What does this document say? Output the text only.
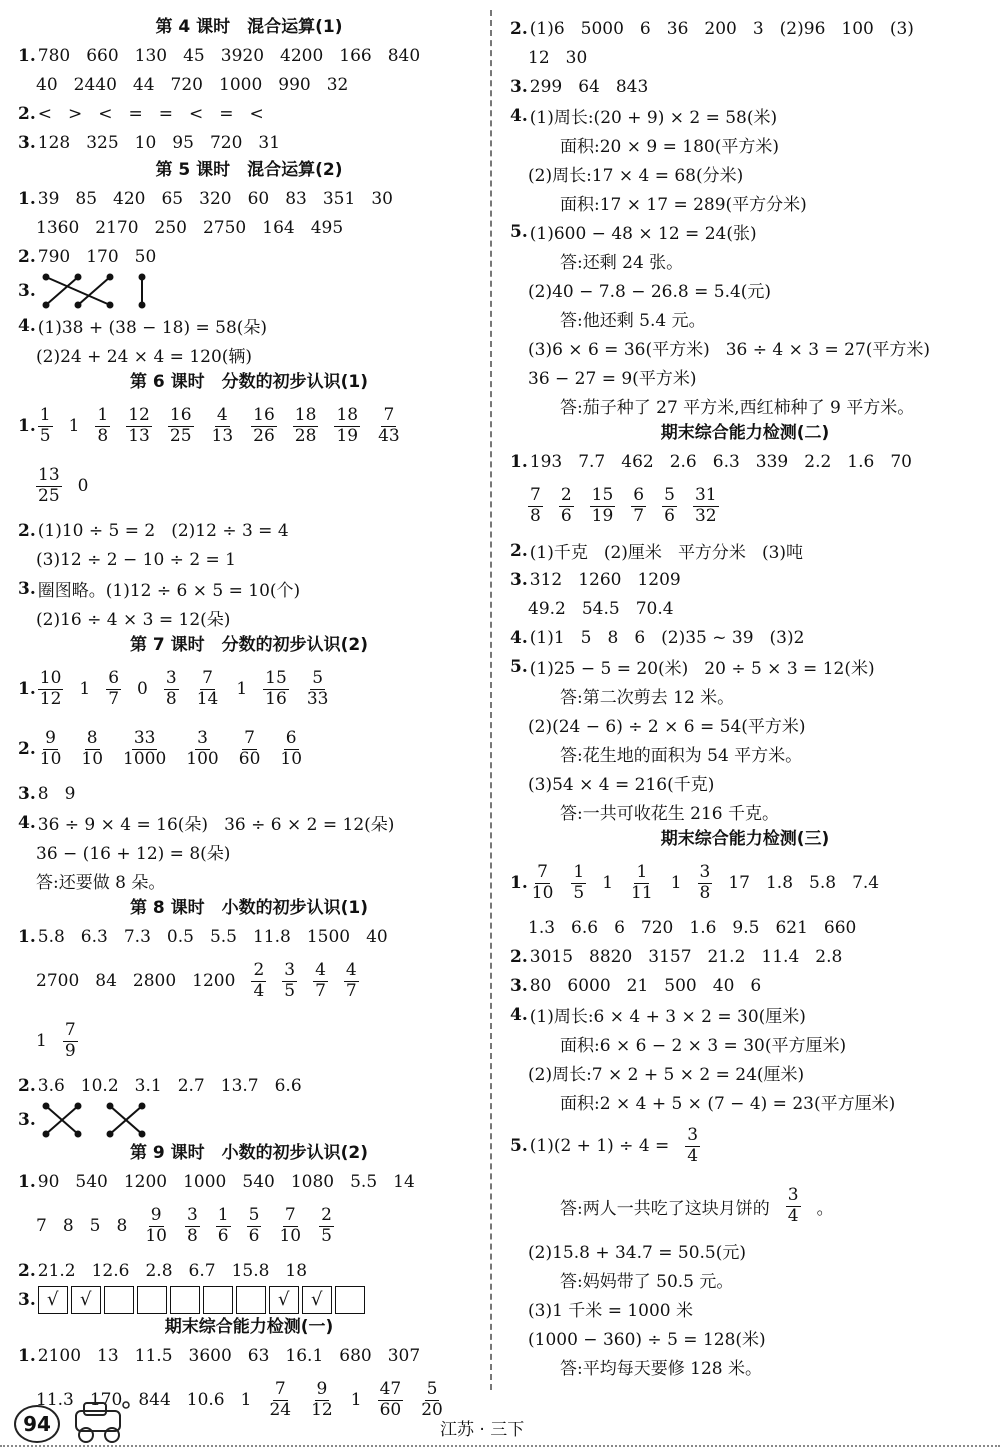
第 4 课时　混合运算(1)
1. 780 660 130 45 3920 4200 166 840
40 2440 44 720 1000 990 32
2. < > < = = < = <
3. 128 325 10 95 720 31
第 5 课时　混合运算(2)
1. 39 85 420 65 320 60 83 351 30
1360 2170 250 2750 164 495
2. 790 170 50
3.
4. (1)38 + (38 − 18) = 58(朵)
(2)24 + 24 × 4 = 120(辆)
第 6 课时　分数的初步认识(1)
1. $\frac{1}{5} 1 \frac{1}{8} \frac{12}{13} \frac{16}{25} \frac{4}{13} \frac{16}{26} \frac{18}{28} \frac{18}{19} \frac{7}{43}$
$\frac{13}{25} 0$
2. (1)10 ÷ 5 = 2 (2)12 ÷ 3 = 4
(3)12 ÷ 2 − 10 ÷ 2 = 1
3. 圈图略。(1)12 ÷ 6 × 5 = 10(个)
(2)16 ÷ 4 × 3 = 12(朵)
第 7 课时　分数的初步认识(2)
1. $\frac{10}{12} 1 \frac{6}{7} 0 \frac{3}{8} \frac{7}{14} 1 \frac{15}{16} \frac{5}{33}$
2. $\frac{9}{10} \frac{8}{10} \frac{33}{1000} \frac{3}{100} \frac{7}{60} \frac{6}{10}$
3. 8 9
4. 36 ÷ 9 × 4 = 16(朵) 36 ÷ 6 × 2 = 12(朵)
36 − (16 + 12) = 8(朵)
答:还要做 8 朵。
第 8 课时　小数的初步认识(1)
1. 5.8 6.3 7.3 0.5 5.5 11.8 1500 40
2700 84 2800 $1200 \frac{2}{4} \frac{3}{5} \frac{4}{7} \frac{4}{7}$
$1 \frac{7}{9}$
2. 3.6 10.2 3.1 2.7 13.7 6.6
3.
第 9 课时　小数的初步认识(2)
1. 90 540 1200 1000 540 1080 5.5 14
7 8 5 $8 \frac{9}{10} \frac{3}{8} \frac{1}{6} \frac{5}{6} \frac{7}{10} \frac{2}{5}$
2. 21.2 12.6 2.8 6.7 15.8 18
3. √	√	√	√
期末综合能力检测(一)
1. 2100 13 11.5 3600 63 16.1 680 307
11.3 170 844 10.6 $1 \frac{7}{24} \frac{9}{12} 1 \frac{47}{60} \frac{5}{20}$
2. (1)6 5000 6 36 200 3 (2)96 100 (3)
12 30
3. 299 64 843
4. (1)周长:(20 + 9) × 2 = 58(米)
面积:20 × 9 = 180(平方米)
(2)周长:17 × 4 = 68(分米)
面积:17 × 17 = 289(平方分米)
5. (1)600 − 48 × 12 = 24(张)
答:还剩 24 张。
(2)40 − 7.8 − 26.8 = 5.4(元)
答:他还剩 5.4 元。
(3)6 × 6 = 36(平方米) 36 ÷ 4 × 3 = 27(平方米)
36 − 27 = 9(平方米)
答:茄子种了 27 平方米,西红柿种了 9 平方米。
期末综合能力检测(二)
1. 193 7.7 462 2.6 6.3 339 2.2 1.6 70
$\frac{7}{8} \frac{2}{6} \frac{15}{19} \frac{6}{7} \frac{5}{6} \frac{31}{32}$
2. (1)千克 (2)厘米 平方分米 (3)吨
3. 312 1260 1209
49.2 54.5 70.4
4. (1)1 5 8 6 (2)35 ~ 39 (3)2
5. (1)25 − 5 = 20(米) 20 ÷ 5 × 3 = 12(米)
答:第二次剪去 12 米。
(2)(24 − 6) ÷ 2 × 6 = 54(平方米)
答:花生地的面积为 54 平方米。
(3)54 × 4 = 216(千克)
答:一共可收花生 216 千克。
期末综合能力检测(三)
1. $\frac{7}{10} \frac{1}{5} 1 \frac{1}{11} 1 \frac{3}{8} 17$ 1.8 5.8 7.4
1.3 6.6 6 720 1.6 9.5 621 660
2. 3015 8820 3157 21.2 11.4 2.8
3. 80 6000 21 500 40 6
4. (1)周长:6 × 4 + 3 × 2 = 30(厘米)
面积:6 × 6 − 2 × 3 = 30(平方厘米)
(2)周长:7 × 2 + 5 × 2 = 24(厘米)
面积:2 × 4 + 5 × (7 − 4) = 23(平方厘米)
5. $(1)(2 + 1) \div 4 = \frac{3}{4}$
答:两人一共吃了这块月饼的 $\frac{3}{4}$ 。
(2)15.8 + 34.7 = 50.5(元)
答:妈妈带了 50.5 元。
(3)1 千米 = 1000 米
(1000 − 360) ÷ 5 = 128(米)
答:平均每天要修 128 米。
94	江苏 · 三下
